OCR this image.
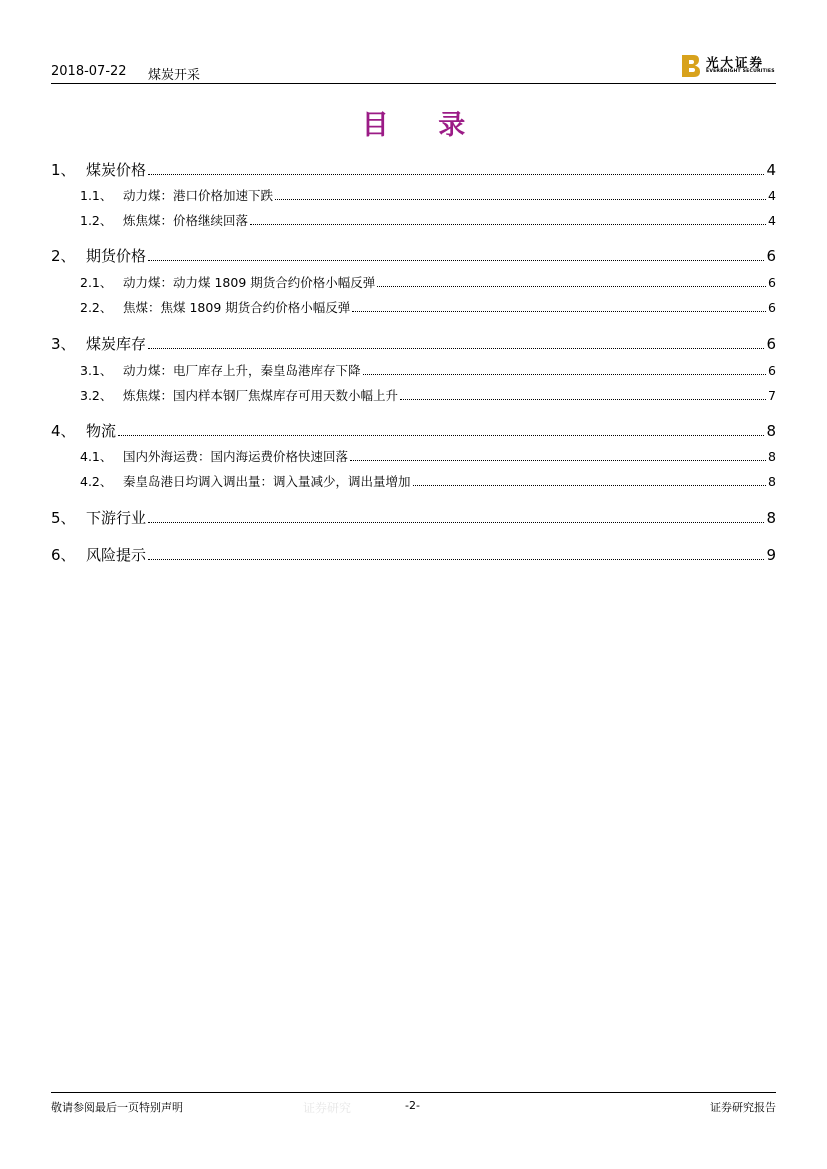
2018-07-22 煤炭开采
光大证券
EVERBRIGHT SECURITIES
目 录
1、 煤炭价格	4
1.1、 动力煤：港口价格加速下跌	4
1.2、 炼焦煤：价格继续回落	4
2、 期货价格	6
2.1、 动力煤：动力煤 1809 期货合约价格小幅反弹	6
2.2、 焦煤：焦煤 1809 期货合约价格小幅反弹	6
3、 煤炭库存	6
3.1、 动力煤：电厂库存上升，秦皇岛港库存下降	6
3.2、 炼焦煤：国内样本钢厂焦煤库存可用天数小幅上升	7
4、 物流	8
4.1、 国内外海运费：国内海运费价格快速回落	8
4.2、 秦皇岛港日均调入调出量：调入量减少，调出量增加	8
5、 下游行业	8
6、 风险提示	9
敬请参阅最后一页特别声明	证券研究	-2-	证券研究报告
